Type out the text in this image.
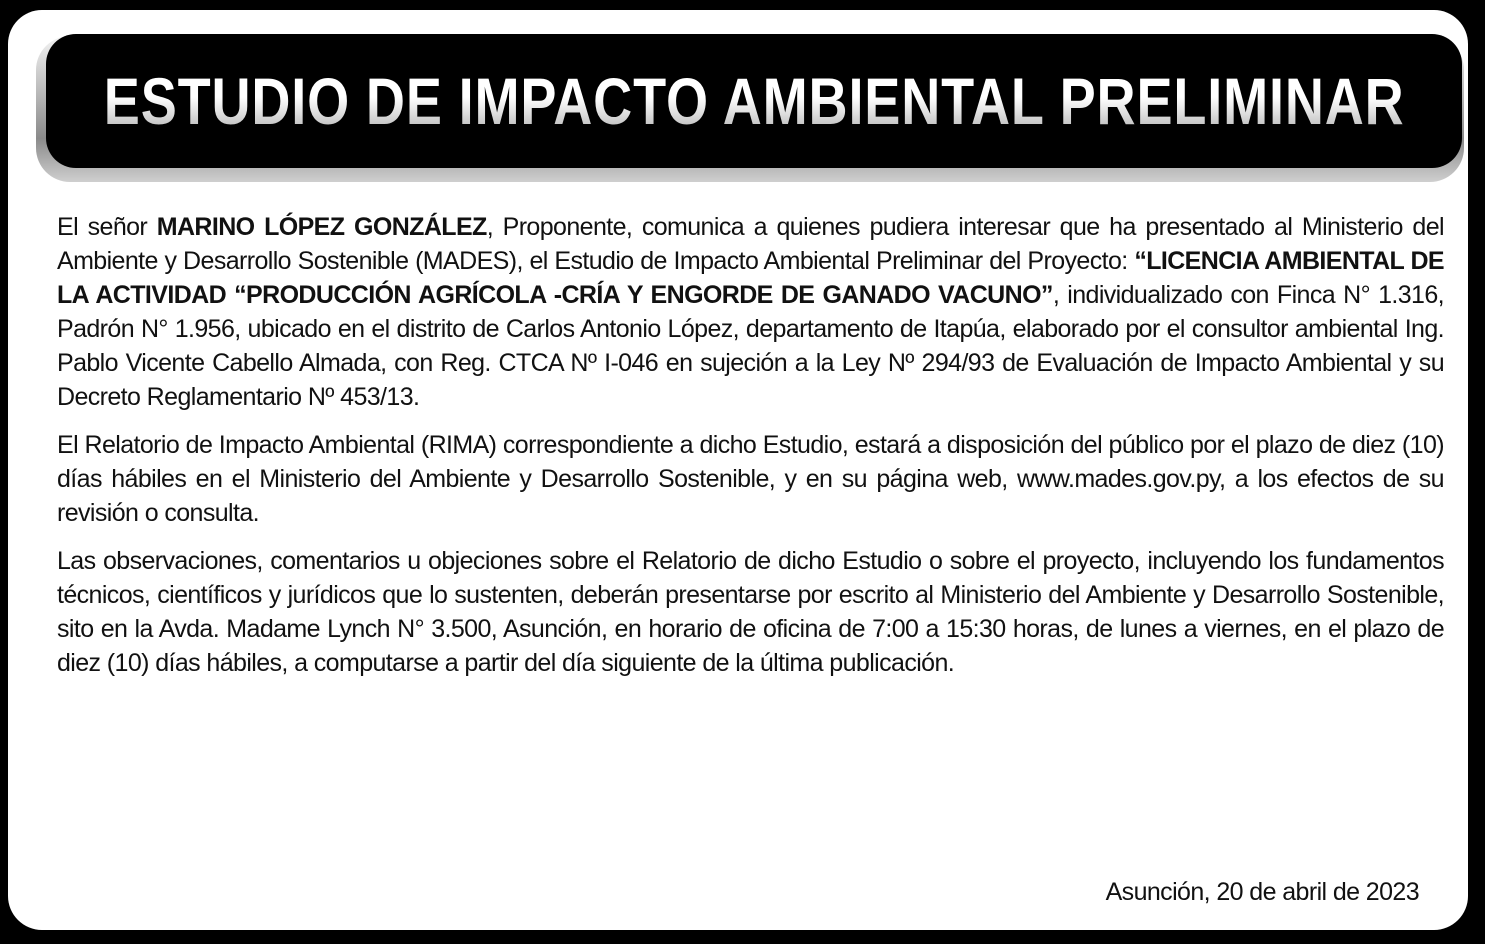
ESTUDIO DE IMPACTO AMBIENTAL PRELIMINAR

El señor MARINO LÓPEZ GONZÁLEZ, Proponente, comunica a quienes pudiera interesar que ha presentado al Ministerio del Ambiente y Desarrollo Sostenible (MADES), el Estudio de Impacto Ambiental Preliminar del Proyecto: “LICENCIA AMBIENTAL DE LA ACTIVIDAD “PRODUCCIÓN AGRÍCOLA -CRÍA Y ENGORDE DE GANADO VACUNO”, individualizado con Finca N° 1.316, Padrón N° 1.956, ubicado en el distrito de Carlos Antonio López, departamento de Itapúa, elaborado por el consultor ambiental Ing. Pablo Vicente Cabello Almada, con Reg. CTCA Nº I-046 en sujeción a la Ley Nº 294/93 de Evaluación de Impacto Ambiental y su Decreto Reglamentario Nº 453/13.

El Relatorio de Impacto Ambiental (RIMA) correspondiente a dicho Estudio, estará a disposición del público por el plazo de diez (10) días hábiles en el Ministerio del Ambiente y Desarrollo Sostenible, y en su página web, www.mades.gov.py, a los efectos de su revisión o consulta.

Las observaciones, comentarios u objeciones sobre el Relatorio de dicho Estudio o sobre el proyecto, incluyendo los fundamentos técnicos, científicos y jurídicos que lo sustenten, deberán presentarse por escrito al Ministerio del Ambiente y Desarrollo Sostenible, sito en la Avda. Madame Lynch N° 3.500, Asunción, en horario de oficina de 7:00 a 15:30 horas, de lunes a viernes, en el plazo de diez (10) días hábiles, a computarse a partir del día siguiente de la última publicación.

Asunción, 20 de abril de 2023
